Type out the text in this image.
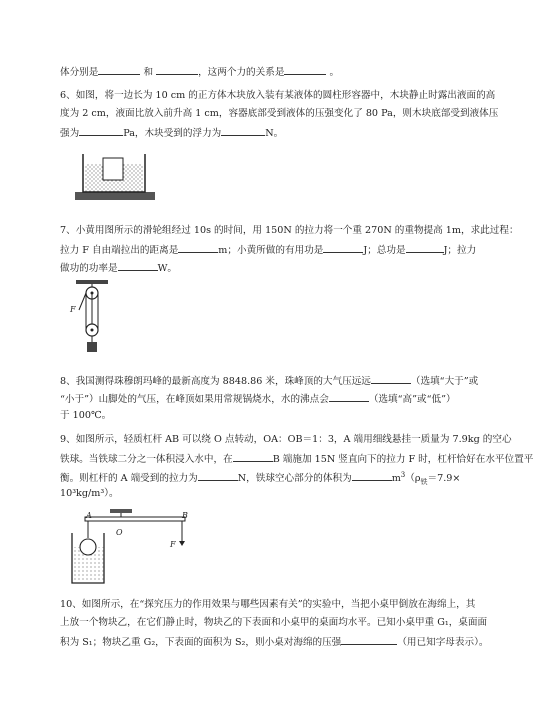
体分别是	和	，这两个力的关系是	。
6、如图，将一边长为 10 cm 的正方体木块放入装有某液体的圆柱形容器中，木块静止时露出液面的高
度为 2 cm，液面比放入前升高 1 cm，容器底部受到液体的压强变化了 80 Pa，则木块底部受到液体压
强为	Pa，木块受到的浮力为	N。
7、小黄用图所示的滑轮组经过 10s 的时间，用 150N 的拉力将一个重 270N 的重物提高 1m，求此过程：
拉力 F 自由端拉出的距离是	m；小黄所做的有用功是	J；总功是	J；拉力
做功的功率是	W。
F
8、我国测得珠穆朗玛峰的最新高度为 8848.86 米，珠峰顶的大气压远远	（选填“大于”或
“小于”）山脚处的气压，在峰顶如果用常规锅烧水，水的沸点会	（选填“高”或“低”）
于 100℃。
9、如图所示，轻质杠杆 AB 可以绕 O 点转动，OA：OB＝1：3，A 端用细线悬挂一质量为 7.9kg 的空心
铁球。当铁球二分之一体积浸入水中，在	B 端施加 15N 竖直向下的拉力 F 时，杠杆恰好在水平位置平
衡。则杠杆的 A 端受到的拉力为	N，铁球空心部分的体积为	$m^3(\rho_铁=7.9\times$
10³kg/m³）。
A	B
O
F
10、如图所示，在“探究压力的作用效果与哪些因素有关”的实验中，当把小桌甲倒放在海绵上，其
上放一个物块乙，在它们静止时，物块乙的下表面和小桌甲的桌面均水平。已知小桌甲重 G₁，桌面面
积为 S₁；物块乙重 G₂，下表面的面积为 S₂，则小桌对海绵的压强	（用已知字母表示）。
